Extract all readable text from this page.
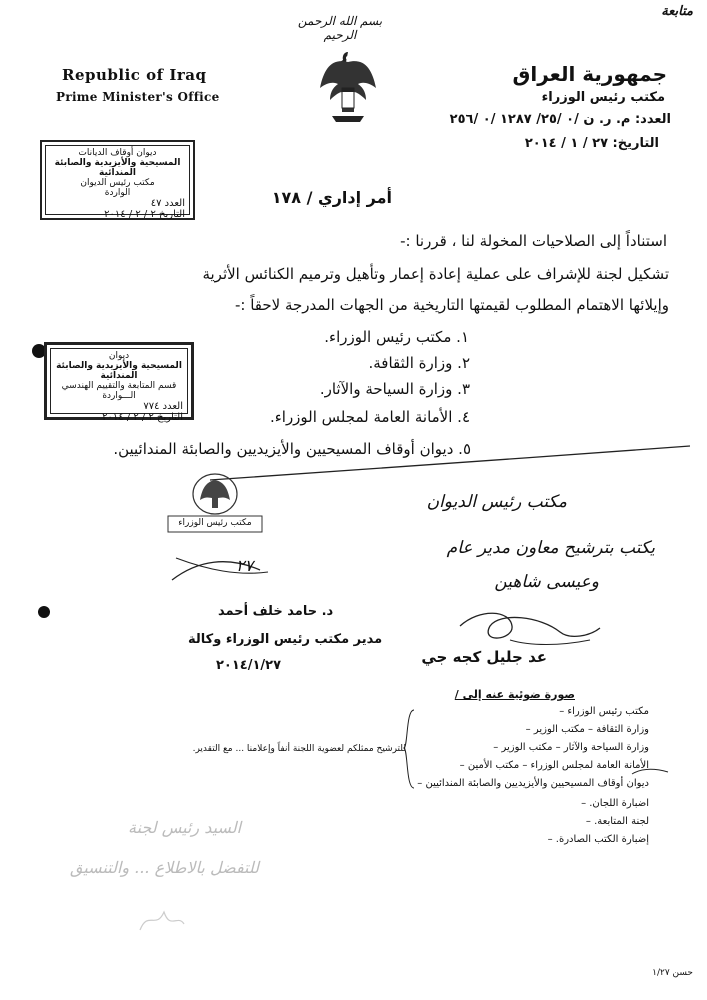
متابعة
بسم الله الرحمن الرحيم
Republic of Iraq
Prime Minister's Office
جمهورية العراق
مكتب رئيس الوزراء
العدد: م. ر. ن /٠ /٢٥/ ١٢٨٧ /٠ /٢٥٦
التاريخ: ٢٧ / ١ / ٢٠١٤
ديوان أوقاف الديانات
المسيحية والأيزيدية والصابئة المندائية
مكتب رئيس الديوان
الواردة
العدد ٤٧
التاريخ ٢ / ٢ / ٢٠١٤
أمر إداري / ١٧٨
استناداً إلى الصلاحيات المخولة لنا ، قررنا :-
تشكيل لجنة للإشراف على عملية إعادة إعمار وتأهيل وترميم الكنائس الأثرية
وإيلائها الاهتمام المطلوب لقيمتها التاريخية من الجهات المدرجة لاحقاً :-
١. مكتب رئيس الوزراء.
٢. وزارة الثقافة.
٣. وزارة السياحة والآثار.
٤. الأمانة العامة لمجلس الوزراء.
٥. ديوان أوقاف المسيحيين والأيزيديين والصابئة المندائيين.
ديوان
المسيحية والأيزيدية والصابئة المندائية
قسم المتابعة والتقييم الهندسي
الـــواردة
العدد ٧٧٤
التاريخ ٢ / ٢ / ٢٠١٤
مكتب رئيس الوزراء
٢٧
مكتب رئيس الديوان
يكتب بترشيح معاون مدير عام
وعيسى شاهين
عد جليل كجه جي
د. حامد خلف أحمد
مدير مكتب رئيس الوزراء وكالة
٢٠١٤/١/٢٧
صورة ضوئية عنه إلى /
مكتب رئيس الوزراء –
وزارة الثقافة – مكتب الوزير –
وزارة السياحة والآثار – مكتب الوزير –
الأمانة العامة لمجلس الوزراء – مكتب الأمين –
ديوان أوقاف المسيحيين والأيزيديين والصابئة المندائيين –
اضبارة اللجان. –
لجنة المتابعة. –
إضبارة الكتب الصادرة. –
للترشيح ممثلكم لعضوية اللجنة أنفاً وإعلامنا ... مع التقدير.
السيد رئيس لجنة
للتفضل بالاطلاع ... والتنسيق
حسن ١/٢٧
